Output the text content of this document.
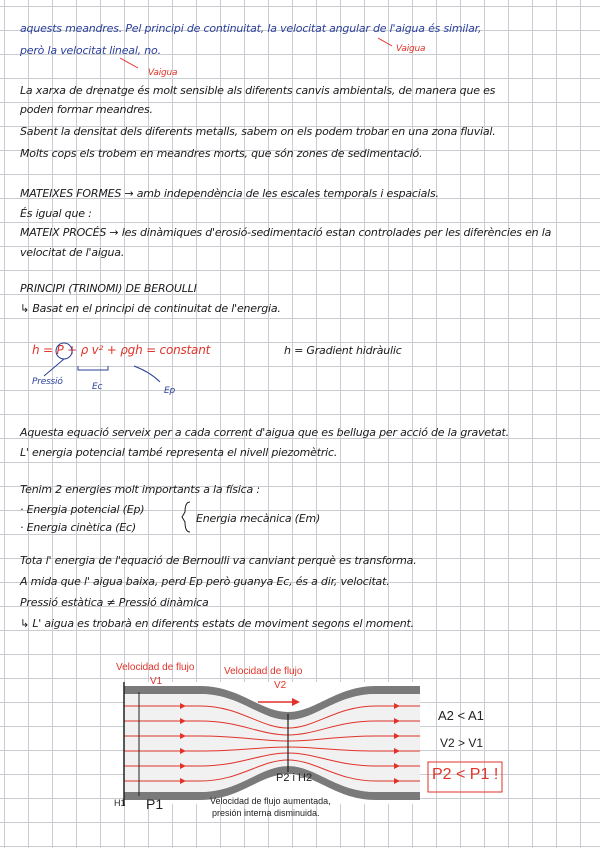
aquests meandres. Pel principi de continuitat, la velocitat angular de l'aigua és similar,
Vaigua
però la velocitat lineal, no.
Vaigua
La xarxa de drenatge és molt sensible als diferents canvis ambientals, de manera que es
poden formar meandres.
Sabent la densitat dels diferents metalls, sabem on els podem trobar en una zona fluvial.
Molts cops els trobem en meandres morts, que són zones de sedimentació.
MATEIXES FORMES → amb independència de les escales temporals i espacials.
És igual que :
MATEIX PROCÉS → les dinàmiques d'erosió-sedimentació estan controlades per les diferències en la
velocitat de l'aigua.
PRINCIPI (TRINOMI) DE BEROULLI
↳ Basat en el principi de continuitat de l'energia.
h = P + ρ v² + ρgh = constant	h = Gradient hidràulic
Pressió	Ec	Ep
Aquesta equació serveix per a cada corrent d'aigua que es belluga per acció de la gravetat.
L' energia potencial també representa el nivell piezomètric.
Tenim 2 energies molt importants a la física :
· Energia potencial (Ep)
· Energia cinètica (Ec)
Energia mecànica (Em)
Tota l' energia de l'equació de Bernoulli va canviant perquè es transforma.
A mida que l' aigua baixa, perd Ep però guanya Ec, és a dir, velocitat.
Pressió estàtica ≠ Pressió dinàmica
↳ L' aigua es trobarà en diferents estats de moviment segons el moment.
Velocidad de flujo
V1
Velocidad de flujo
V2
A2 < A1
V2 > V1
P2 < P1 !
P2 i H2
H1 P1	Velocidad de flujo aumentada,
presión interna disminuida.
